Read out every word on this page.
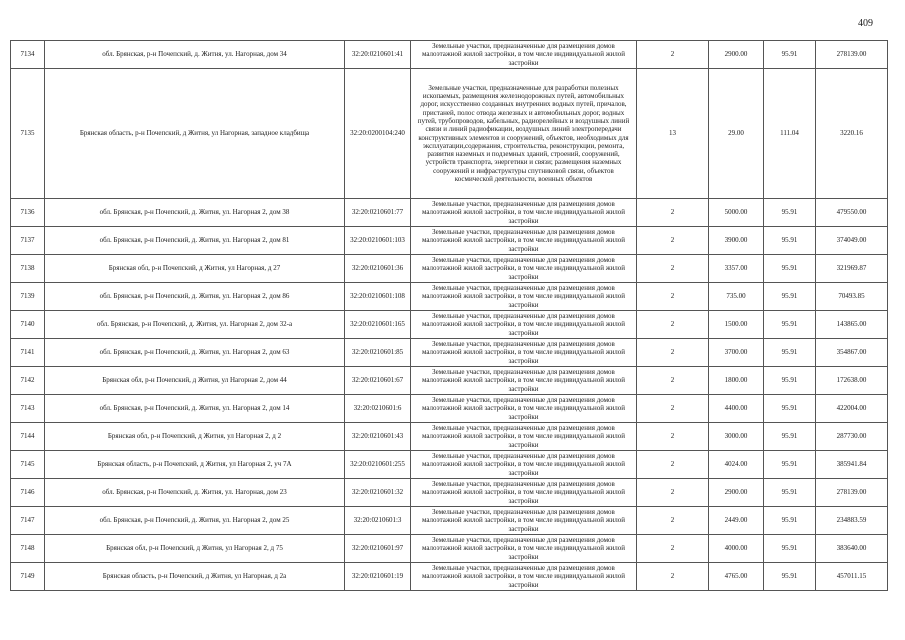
409
7134	обл. Брянская, р-н Почепский, д. Житня, ул. Нагорная, дом 34	32:20:0210601:41	Земельные участки, предназначенные для размещения домов малоэтажной жилой застройки, в том числе индивидуальной жилой застройки	2	2900.00	95.91	278139.00
7135	Брянская область, р-н Почепский, д Житня, ул Нагорная, западное кладбища	32:20:0200104:240	Земельные участки, предназначенные для разработки полезных ископаемых, размещения железнодорожных путей, автомобильных дорог, искусственно созданных внутренних водных путей, причалов, пристаней, полос отвода железных и автомобильных дорог, водных путей, трубопроводов, кабельных, радиорелейных и воздушных линий связи и линий радиофикации, воздушных линий электропередачи конструктивных элементов и сооружений, объектов, необходимых для эксплуатации,содержания, строительства, реконструкции, ремонта, развития наземных и подземных зданий, строений, сооружений, устройств транспорта, энергетики и связи; размещения наземных сооружений и инфраструктуры спутниковой связи, объектов космической деятельности, военных объектов	13	29.00	111.04	3220.16
7136	обл. Брянская, р-н Почепский, д. Житня, ул. Нагорная 2, дом 38	32:20:0210601:77	Земельные участки, предназначенные для размещения домов малоэтажной жилой застройки, в том числе индивидуальной жилой застройки	2	5000.00	95.91	479550.00
7137	обл. Брянская, р-н Почепский, д. Житня, ул. Нагорная 2, дом 81	32:20:0210601:103	Земельные участки, предназначенные для размещения домов малоэтажной жилой застройки, в том числе индивидуальной жилой застройки	2	3900.00	95.91	374049.00
7138	Брянская обл, р-н Почепский, д Житня, ул Нагорная, д 27	32:20:0210601:36	Земельные участки, предназначенные для размещения домов малоэтажной жилой застройки, в том числе индивидуальной жилой застройки	2	3357.00	95.91	321969.87
7139	обл. Брянская, р-н Почепский, д. Житня, ул. Нагорная 2, дом 86	32:20:0210601:108	Земельные участки, предназначенные для размещения домов малоэтажной жилой застройки, в том числе индивидуальной жилой застройки	2	735.00	95.91	70493.85
7140	обл. Брянская, р-н Почепский, д. Житня, ул. Нагорная 2, дом 32-а	32:20:0210601:165	Земельные участки, предназначенные для размещения домов малоэтажной жилой застройки, в том числе индивидуальной жилой застройки	2	1500.00	95.91	143865.00
7141	обл. Брянская, р-н Почепский, д. Житня, ул. Нагорная 2, дом 63	32:20:0210601:85	Земельные участки, предназначенные для размещения домов малоэтажной жилой застройки, в том числе индивидуальной жилой застройки	2	3700.00	95.91	354867.00
7142	Брянская обл, р-н Почепский, д Житня, ул Нагорная 2, дом 44	32:20:0210601:67	Земельные участки, предназначенные для размещения домов малоэтажной жилой застройки, в том числе индивидуальной жилой застройки	2	1800.00	95.91	172638.00
7143	обл. Брянская, р-н Почепский, д. Житня, ул. Нагорная 2, дом 14	32:20:0210601:6	Земельные участки, предназначенные для размещения домов малоэтажной жилой застройки, в том числе индивидуальной жилой застройки	2	4400.00	95.91	422004.00
7144	Брянская обл, р-н Почепский, д Житня, ул Нагорная 2, д 2	32:20:0210601:43	Земельные участки, предназначенные для размещения домов малоэтажной жилой застройки, в том числе индивидуальной жилой застройки	2	3000.00	95.91	287730.00
7145	Брянская область, р-н Почепский, д Житня, ул Нагорная 2, уч 7А	32:20:0210601:255	Земельные участки, предназначенные для размещения домов малоэтажной жилой застройки, в том числе индивидуальной жилой застройки	2	4024.00	95.91	385941.84
7146	обл. Брянская, р-н Почепский, д. Житня, ул. Нагорная, дом 23	32:20:0210601:32	Земельные участки, предназначенные для размещения домов малоэтажной жилой застройки, в том числе индивидуальной жилой застройки	2	2900.00	95.91	278139.00
7147	обл. Брянская, р-н Почепский, д. Житня, ул. Нагорная 2, дом 25	32:20:0210601:3	Земельные участки, предназначенные для размещения домов малоэтажной жилой застройки, в том числе индивидуальной жилой застройки	2	2449.00	95.91	234883.59
7148	Брянская обл, р-н Почепский, д Житня, ул Нагорная 2, д 75	32:20:0210601:97	Земельные участки, предназначенные для размещения домов малоэтажной жилой застройки, в том числе индивидуальной жилой застройки	2	4000.00	95.91	383640.00
7149	Брянская область, р-н Почепский, д Житня, ул Нагорная, д 2а	32:20:0210601:19	Земельные участки, предназначенные для размещения домов малоэтажной жилой застройки, в том числе индивидуальной жилой застройки	2	4765.00	95.91	457011.15
